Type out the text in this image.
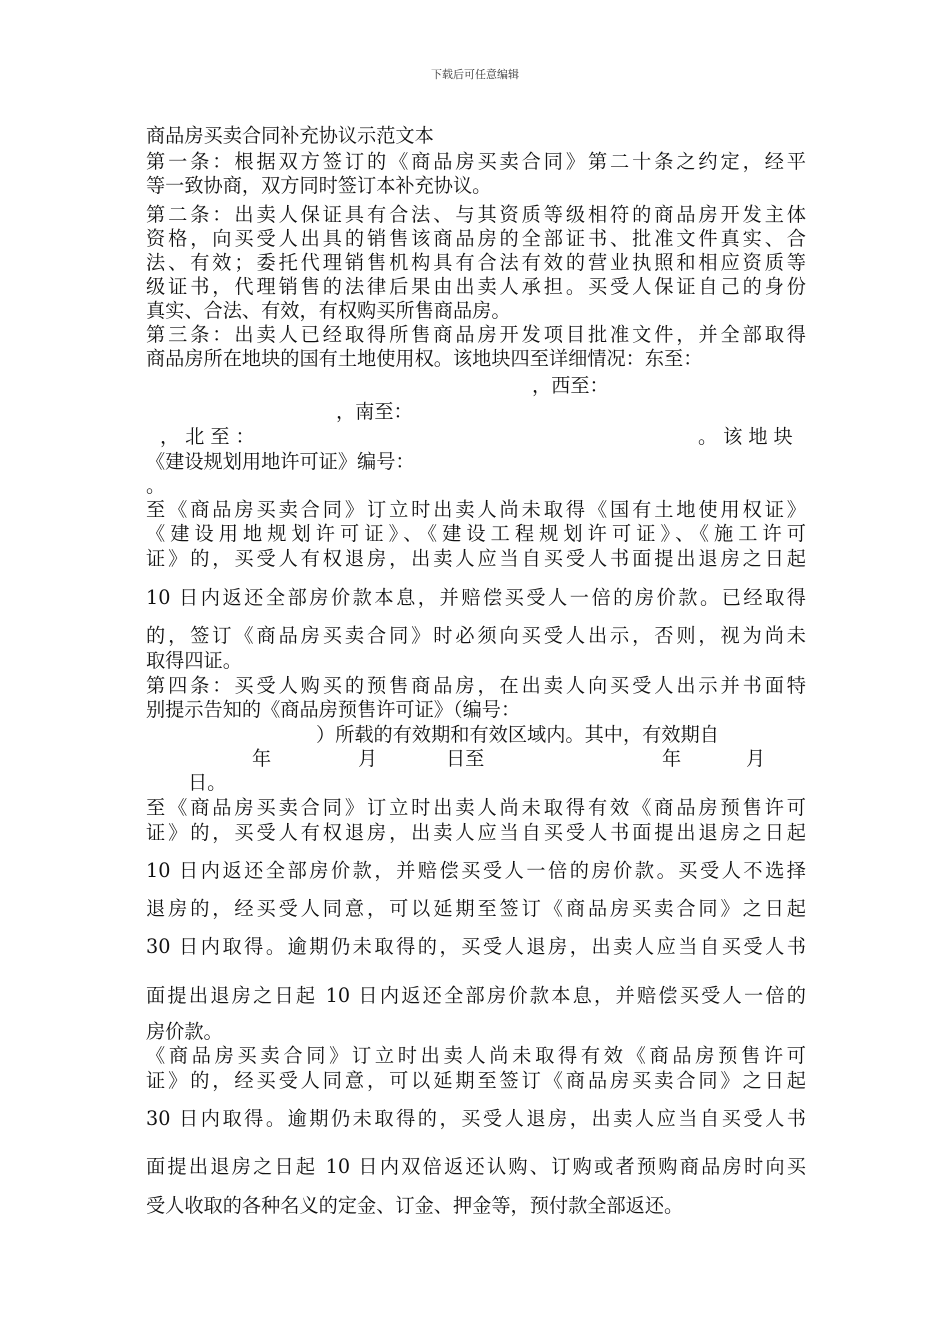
下载后可任意编辑
商品房买卖合同补充协议示范文本
第一条：根据双方签订的《商品房买卖合同》第二十条之约定，经平
等一致协商，双方同时签订本补充协议。
第二条：出卖人保证具有合法、与其资质等级相符的商品房开发主体
资格，向买受人出具的销售该商品房的全部证书、批准文件真实、合
法、有效；委托代理销售机构具有合法有效的营业执照和相应资质等
级证书，代理销售的法律后果由出卖人承担。买受人保证自己的身份
真实、合法、有效，有权购买所售商品房。
第三条：出卖人已经取得所售商品房开发项目批准文件，并全部取得
商品房所在地块的国有土地使用权。该地块四至详细情况：东至：
，西至：
，南至：
，北至：	。该地块
《建设规划用地许可证》编号：
。
至《商品房买卖合同》订立时出卖人尚未取得《国有土地使用权证》
《建设用地规划许可证》、《建设工程规划许可证》、《施工许可
证》的，买受人有权退房，出卖人应当自买受人书面提出退房之日起
10 日内返还全部房价款本息，并赔偿买受人一倍的房价款。已经取得
的，签订《商品房买卖合同》时必须向买受人出示，否则，视为尚未
取得四证。
第四条：买受人购买的预售商品房，在出卖人向买受人出示并书面特
别提示告知的《商品房预售许可证》（编号：
）所载的有效期和有效区域内。其中，有效期自
年	月	日至	年	月
日。
至《商品房买卖合同》订立时出卖人尚未取得有效《商品房预售许可
证》的，买受人有权退房，出卖人应当自买受人书面提出退房之日起
10 日内返还全部房价款，并赔偿买受人一倍的房价款。买受人不选择
退房的，经买受人同意，可以延期至签订《商品房买卖合同》之日起
30 日内取得。逾期仍未取得的，买受人退房，出卖人应当自买受人书
面提出退房之日起 10 日内返还全部房价款本息，并赔偿买受人一倍的
房价款。
《商品房买卖合同》订立时出卖人尚未取得有效《商品房预售许可
证》的，经买受人同意，可以延期至签订《商品房买卖合同》之日起
30 日内取得。逾期仍未取得的，买受人退房，出卖人应当自买受人书
面提出退房之日起 10 日内双倍返还认购、订购或者预购商品房时向买
受人收取的各种名义的定金、订金、押金等，预付款全部返还。
